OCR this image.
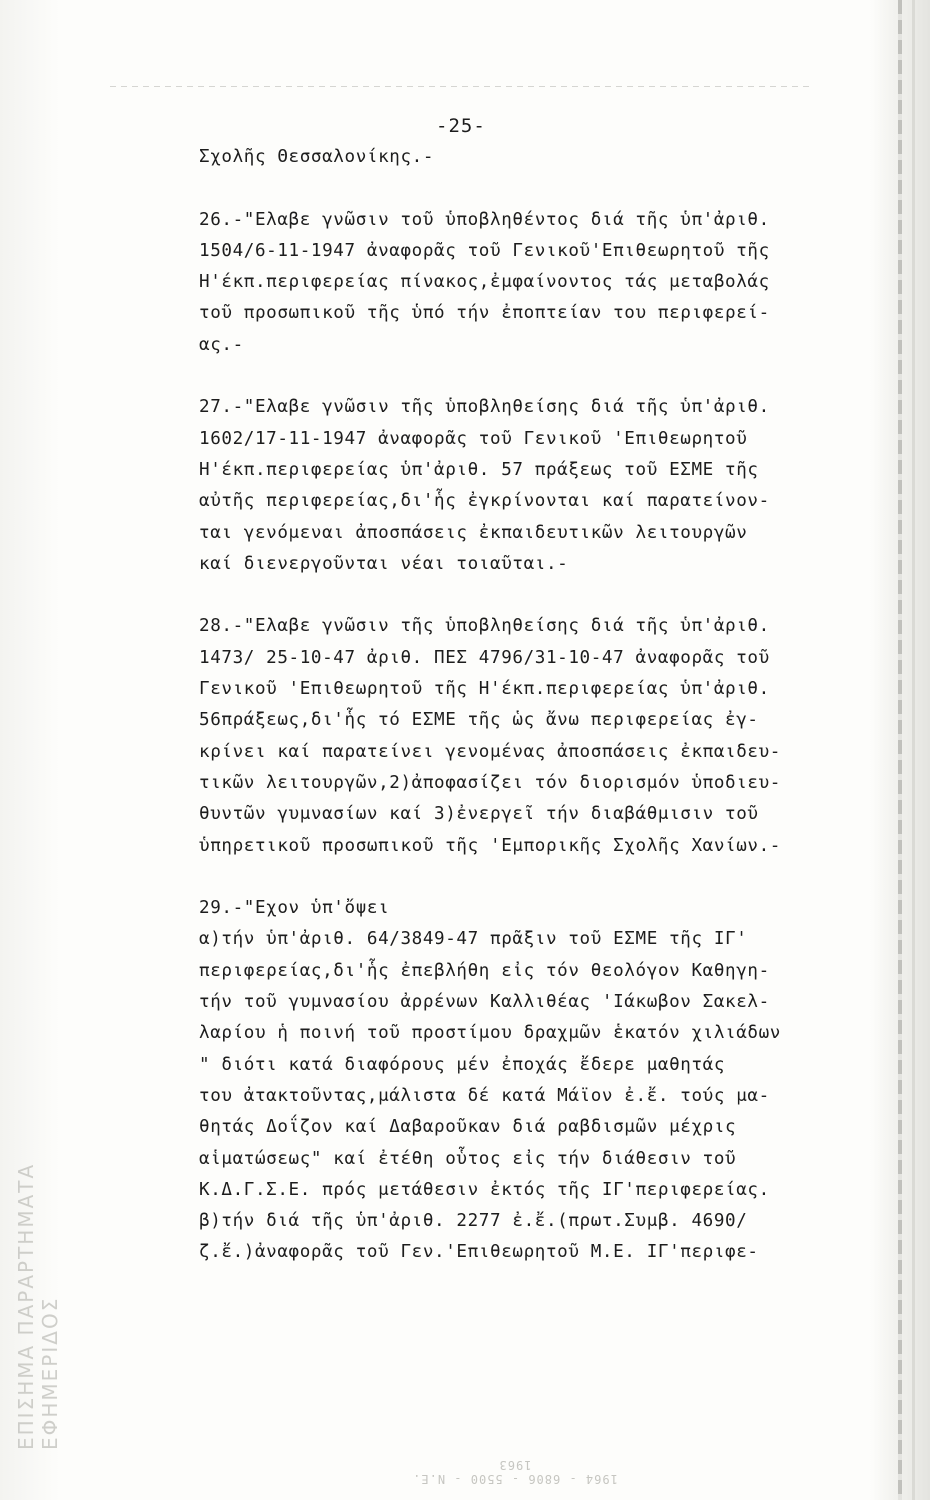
ΕΠΙΣΗΜΑ ΠΑΡΑΡΤΗΜΑΤΑ ΕΦΗΜΕΡΙΔΟΣ
1964 - 6806 - 5500 - Ν.Ε. 1963
-25-
Σχολῆς Θεσσαλονίκης.-
26.-"Ελαβε γνῶσιν τοῦ ὑποβληθέντος διά τῆς ὑπ'ἀριθ.
1504/6-11-1947 ἀναφορᾶς τοῦ Γενικοῦ'Επιθεωρητοῦ τῆς
Η'έκπ.περιφερείας πίνακος,ἐμφαίνοντος τάς μεταβολάς
τοῦ προσωπικοῦ τῆς ὑπό τήν ἐποπτείαν του περιφερεί-
ας.-
27.-"Ελαβε γνῶσιν τῆς ὑποβληθείσης διά τῆς ὑπ'ἀριθ.
1602/17-11-1947 ἀναφορᾶς τοῦ Γενικοῦ 'Επιθεωρητοῦ
Η'έκπ.περιφερείας ὑπ'ἀριθ. 57 πράξεως τοῦ ΕΣΜΕ τῆς
αὐτῆς περιφερείας,δι'ἧς ἐγκρίνονται καί παρατείνον-
ται γενόμεναι ἀποσπάσεις ἐκπαιδευτικῶν λειτουργῶν
καί διενεργοῦνται νέαι τοιαῦται.-
28.-"Ελαβε γνῶσιν τῆς ὑποβληθείσης διά τῆς ὑπ'ἀριθ.
1473/ 25-10-47 ἀριθ. ΠΕΣ 4796/31-10-47 ἀναφορᾶς τοῦ
Γενικοῦ 'Επιθεωρητοῦ τῆς Η'έκπ.περιφερείας ὑπ'ἀριθ.
56πράξεως,δι'ἧς τό ΕΣΜΕ τῆς ὡς ἄνω περιφερείας ἐγ-
κρίνει καί παρατείνει γενομένας ἀποσπάσεις ἐκπαιδευ-
τικῶν λειτουργῶν,2)ἀποφασίζει τόν διορισμόν ὑποδιευ-
θυντῶν γυμνασίων καί 3)ἐνεργεῖ τήν διαβάθμισιν τοῦ
ὑπηρετικοῦ προσωπικοῦ τῆς 'Εμπορικῆς Σχολῆς Χανίων.-
29.-"Εχον ὑπ'ὄψει
α)τήν ὑπ'ἀριθ. 64/3849-47 πρᾶξιν τοῦ ΕΣΜΕ τῆς ΙΓ'
περιφερείας,δι'ἧς ἐπεβλήθη εἰς τόν θεολόγον Καθηγη-
τήν τοῦ γυμνασίου ἀρρένων Καλλιθέας 'Ιάκωβον Σακελ-
λαρίου ἡ ποινή τοῦ προστίμου δραχμῶν ἑκατόν χιλιάδων
" διότι κατά διαφόρους μέν ἐποχάς ἔδερε μαθητάς
του ἀτακτοῦντας,μάλιστα δέ κατά Μάϊον ἐ.ἔ. τούς μα-
θητάς Δοΐζον καί Δαβαροῦκαν διά ραβδισμῶν μέχρις
αἱματώσεως" καί ἐτέθη οὗτος εἰς τήν διάθεσιν τοῦ
Κ.Δ.Γ.Σ.Ε. πρός μετάθεσιν ἐκτός τῆς ΙΓ'περιφερείας.
β)τήν διά τῆς ὑπ'ἀριθ. 2277 ἐ.ἔ.(πρωτ.Συμβ. 4690/
ζ.ἔ.)ἀναφορᾶς τοῦ Γεν.'Επιθεωρητοῦ Μ.Ε. ΙΓ'περιφε-
